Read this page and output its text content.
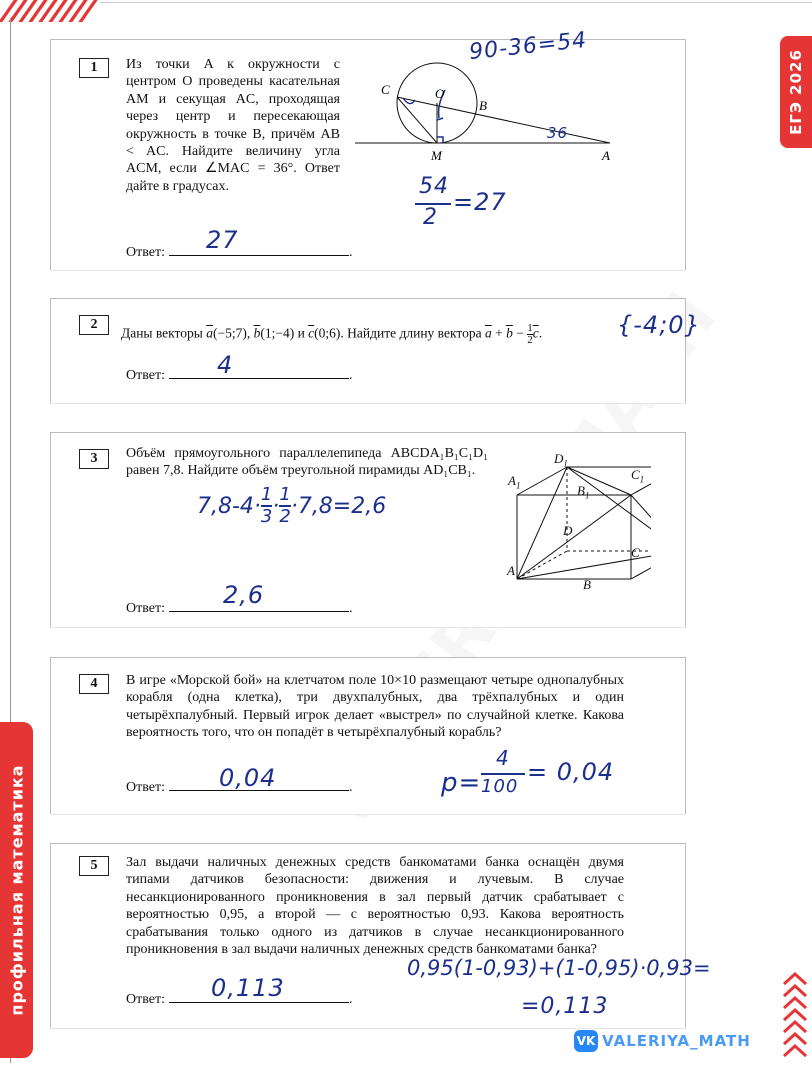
ЕГЭ 2026
профильная математика
VK VALERIYA_MATH
1	Из точки A к окружности с центром O проведены касательная AM и секущая AC, проходящая через центр и пересекающая окружность в точке B, причём AB < AC. Найдите величину угла ACM, если ∠MAC = 36°. Ответ дайте в градусах.
C	O
B
M	A
90-36=54
36
54
2
=27
Ответ:	.
27
2
Даны векторы $\overline{a}(-5;7)$, $\overline{b}(1;-4)$ и $\overline{c}(0;6)$. Найдите длину вектора $\overline{a} + \overline{b} - \frac{1}{2} \overline{c}$.	{-4;0}
Ответ:	.
4
3	Объём прямоугольного параллелепипеда ABCDA₁B₁C₁D₁ равен 7,8. Найдите объём треугольной пирамиды AD₁CB₁.
$D_1$
$C_1$
$A_1$	$B_1$
D
C
A
B
7,8-4· 1
3 · 1
2 ·7,8=2,6
Ответ:	.
2,6
4	В игре «Морской бой» на клетчатом поле 10×10 размещают четыре однопалубных корабля (одна клетка), три двухпалубных, два трёхпалубных и один четырёхпалубный. Первый игрок делает «выстрел» по случайной клетке. Какова вероятность того, что он попадёт в четырёхпалубный корабль?
p=
4
100
= 0,04
Ответ:	.
0,04
5	Зал выдачи наличных денежных средств банкоматами банка оснащён двумя типами датчиков безопасности: движения и лучевым. В случае несанкционированного проникновения в зал первый датчик срабатывает с вероятностью 0,95, а второй — с вероятностью 0,93. Какова вероятность срабатывания только одного из датчиков в случае несанкционированного проникновения в зал выдачи наличных денежных средств банкоматами банка?
0,95(1-0,93)+(1-0,95)·0,93=
=0,113
Ответ:	.
0,113
